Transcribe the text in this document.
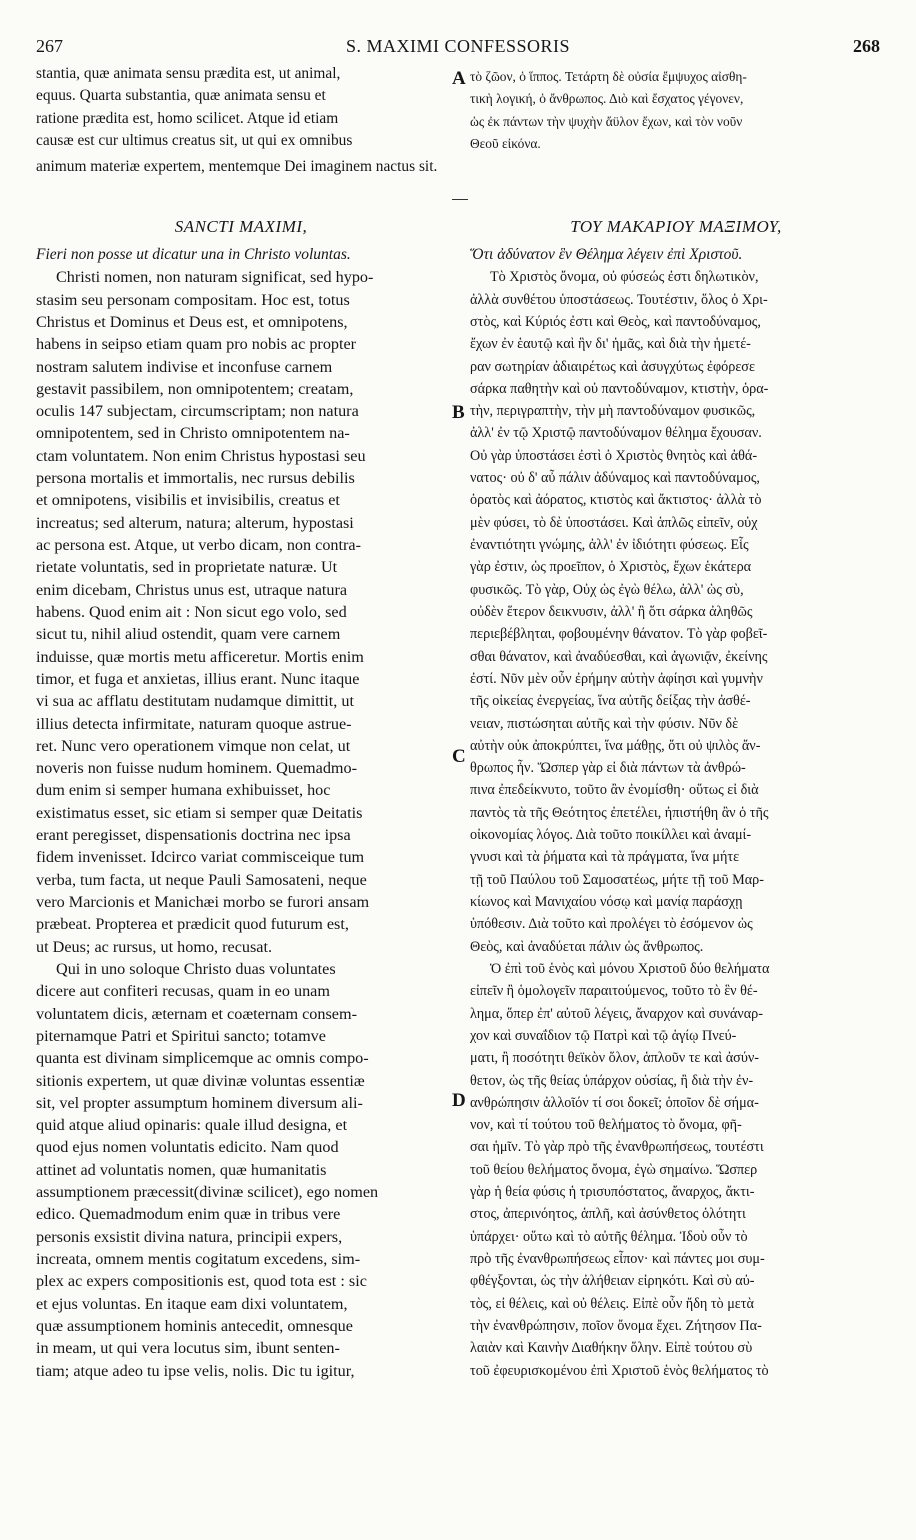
267	S. MAXIMI CONFESSORIS	268
stantia, quæ animata sensu prædita est, ut animal,
equus. Quarta substantia, quæ animata sensu et
ratione prædita est, homo scilicet. Atque id etiam
causæ est cur ultimus creatus sit, ut qui ex omnibus
animum materiæ expertem, mentemque Dei imaginem nactus sit.
τὸ ζῶον, ὁ ἵππος. Τετάρτη δὲ οὐσία ἔμψυχος αἰσθη-
τικὴ λογική, ὁ ἄνθρωπος. Διὸ καὶ ἔσχατος γέγονεν,
ὡς ἐκ πάντων τὴν ψυχὴν ἄϋλον ἔχων, καὶ τὸν νοῦν
Θεοῦ εἰκόνα.
A
B
C
D
SANCTI MAXIMI,
Fieri non posse ut dicatur una in Christo voluntas.
Christi nomen, non naturam significat, sed hypo-
stasim seu personam compositam. Hoc est, totus
Christus et Dominus et Deus est, et omnipotens,
habens in seipso etiam quam pro nobis ac propter
nostram salutem indivise et inconfuse carnem
gestavit passibilem, non omnipotentem; creatam,
oculis 147 subjectam, circumscriptam; non natura
omnipotentem, sed in Christo omnipotentem na-
ctam voluntatem. Non enim Christus hypostasi seu
persona mortalis et immortalis, nec rursus debilis
et omnipotens, visibilis et invisibilis, creatus et
increatus; sed alterum, natura; alterum, hypostasi
ac persona est. Atque, ut verbo dicam, non contra-
rietate voluntatis, sed in proprietate naturæ. Ut
enim dicebam, Christus unus est, utraque natura
habens. Quod enim ait : Non sicut ego volo, sed
sicut tu, nihil aliud ostendit, quam vere carnem
induisse, quæ mortis metu afficeretur. Mortis enim
timor, et fuga et anxietas, illius erant. Nunc itaque
vi sua ac afflatu destitutam nudamque dimittit, ut
illius detecta infirmitate, naturam quoque astrue-
ret. Nunc vero operationem vimque non celat, ut
noveris non fuisse nudum hominem. Quemadmo-
dum enim si semper humana exhibuisset, hoc
existimatus esset, sic etiam si semper quæ Deitatis
erant peregisset, dispensationis doctrina nec ipsa
fidem invenisset. Idcirco variat commisceique tum
verba, tum facta, ut neque Pauli Samosateni, neque
vero Marcionis et Manichæi morbo se furori ansam
præbeat. Propterea et prædicit quod futurum est,
ut Deus; ac rursus, ut homo, recusat.
Qui in uno soloque Christo duas voluntates
dicere aut confiteri recusas, quam in eo unam
voluntatem dicis, æternam et coæternam consem-
piternamque Patri et Spiritui sancto; totamve
quanta est divinam simplicemque ac omnis compo-
sitionis expertem, ut quæ divinæ voluntas essentiæ
sit, vel propter assumptum hominem diversum ali-
quid atque aliud opinaris: quale illud designa, et
quod ejus nomen voluntatis edicito. Nam quod
attinet ad voluntatis nomen, quæ humanitatis
assumptionem præcessit(divinæ scilicet), ego nomen
edico. Quemadmodum enim quæ in tribus vere
personis exsistit divina natura, principii expers,
increata, omnem mentis cogitatum excedens, sim-
plex ac expers compositionis est, quod tota est : sic
et ejus voluntas. En itaque eam dixi voluntatem,
quæ assumptionem hominis antecedit, omnesque
in meam, ut qui vera locutus sim, ibunt senten-
tiam; atque adeo tu ipse velis, nolis. Dic tu igitur,
ΤΟΥ ΜΑΚΑΡΙΟΥ ΜΑΞΙΜΟΥ,
Ὅτι ἀδύνατον ἓν Θέλημα λέγειν ἐπὶ Χριστοῦ.
Τὸ Χριστὸς ὄνομα, οὐ φύσεώς ἐστι δηλωτικὸν,
ἀλλὰ συνθέτου ὑποστάσεως. Τουτέστιν, ὅλος ὁ Χρι-
στὸς, καὶ Κύριός ἐστι καὶ Θεὸς, καὶ παντοδύναμος,
ἔχων ἐν ἑαυτῷ καὶ ἣν δι' ἡμᾶς, καὶ διὰ τὴν ἡμετέ-
ραν σωτηρίαν ἀδιαιρέτως καὶ ἀσυγχύτως ἐφόρεσε
σάρκα παθητὴν καὶ οὐ παντοδύναμον, κτιστὴν, ὁρα-
τὴν, περιγραπτὴν, τὴν μὴ παντοδύναμον φυσικῶς,
ἀλλ' ἐν τῷ Χριστῷ παντοδύναμον θέλημα ἔχουσαν.
Οὐ γὰρ ὑποστάσει ἐστὶ ὁ Χριστὸς θνητὸς καὶ ἀθά-
νατος· οὐ δ' αὖ πάλιν ἀδύναμος καὶ παντοδύναμος,
ὁρατὸς καὶ ἀόρατος, κτιστὸς καὶ ἄκτιστος· ἀλλὰ τὸ
μὲν φύσει, τὸ δὲ ὑποστάσει. Καὶ ἁπλῶς εἰπεῖν, οὐχ
ἐναντιότητι γνώμης, ἀλλ' ἐν ἰδιότητι φύσεως. Εἷς
γὰρ ἐστιν, ὡς προεῖπον, ὁ Χριστὸς, ἔχων ἑκάτερα
φυσικῶς. Τὸ γὰρ, Οὐχ ὡς ἐγὼ θέλω, ἀλλ' ὡς σὺ,
οὐδὲν ἕτερον δεικνυσιν, ἀλλ' ἢ ὅτι σάρκα ἀληθῶς
περιεβέβληται, φοβουμένην θάνατον. Τὸ γὰρ φοβεῖ-
σθαι θάνατον, καὶ ἀναδύεσθαι, καὶ ἀγωνιᾷν, ἐκείνης
ἐστί. Νῦν μὲν οὖν ἐρήμην αὐτὴν ἀφίησι καὶ γυμνὴν
τῆς οἰκείας ἐνεργείας, ἵνα αὐτῆς δείξας τὴν ἀσθέ-
νειαν, πιστώσηται αὐτῆς καὶ τὴν φύσιν. Νῦν δὲ
αὐτὴν οὐκ ἀποκρύπτει, ἵνα μάθῃς, ὅτι οὐ ψιλὸς ἄν-
θρωπος ἦν. Ὥσπερ γὰρ εἰ διὰ πάντων τὰ ἀνθρώ-
πινα ἐπεδείκνυτο, τοῦτο ἂν ἐνομίσθη· οὕτως εἰ διὰ
παντὸς τὰ τῆς Θεότητος ἐπετέλει, ἠπιστήθη ἂν ὁ τῆς
οἰκονομίας λόγος. Διὰ τοῦτο ποικίλλει καὶ ἀναμί-
γνυσι καὶ τὰ ῥήματα καὶ τὰ πράγματα, ἵνα μήτε
τῇ τοῦ Παύλου τοῦ Σαμοσατέως, μήτε τῇ τοῦ Μαρ-
κίωνος καὶ Μανιχαίου νόσῳ καὶ μανίᾳ παράσχῃ
ὑπόθεσιν. Διὰ τοῦτο καὶ προλέγει τὸ ἐσόμενον ὡς
Θεὸς, καὶ ἀναδύεται πάλιν ὡς ἄνθρωπος.
Ὁ ἐπὶ τοῦ ἑνὸς καὶ μόνου Χριστοῦ δύο θελήματα
εἰπεῖν ἢ ὁμολογεῖν παραιτούμενος, τοῦτο τὸ ἓν θέ-
λημα, ὅπερ ἐπ' αὐτοῦ λέγεις, ἄναρχον καὶ συνάναρ-
χον καὶ συναΐδιον τῷ Πατρὶ καὶ τῷ ἁγίῳ Πνεύ-
ματι, ἢ ποσότητι θεϊκὸν ὅλον, ἁπλοῦν τε καὶ ἀσύν-
θετον, ὡς τῆς θείας ὑπάρχον οὐσίας, ἢ διὰ τὴν ἐν-
ανθρώπησιν ἀλλοῖόν τί σοι δοκεῖ; ὁποῖον δὲ σήμα-
νον, καὶ τί τούτου τοῦ θελήματος τὸ ὄνομα, φῆ-
σαι ἡμῖν. Τὸ γὰρ πρὸ τῆς ἐνανθρωπήσεως, τουτέστι
τοῦ θείου θελήματος ὄνομα, ἐγὼ σημαίνω. Ὥσπερ
γὰρ ἡ θεία φύσις ἡ τρισυπόστατος, ἄναρχος, ἄκτι-
στος, ἀπερινόητος, ἁπλῆ, καὶ ἀσύνθετος ὁλότητι
ὑπάρχει· οὕτω καὶ τὸ αὐτῆς θέλημα. Ἰδοὺ οὖν τὸ
πρὸ τῆς ἐνανθρωπήσεως εἶπον· καὶ πάντες μοι συμ-
φθέγξονται, ὡς τὴν ἀλήθειαν εἰρηκότι. Καὶ σὺ αὐ-
τὸς, εἰ θέλεις, καὶ οὐ θέλεις. Εἰπὲ οὖν ἤδη τὸ μετὰ
τὴν ἐνανθρώπησιν, ποῖον ὄνομα ἔχει. Ζήτησον Πα-
λαιὰν καὶ Καινὴν Διαθήκην ὅλην. Εἰπὲ τούτου σὺ
τοῦ ἐφευρισκομένου ἐπὶ Χριστοῦ ἑνὸς θελήματος τὸ
